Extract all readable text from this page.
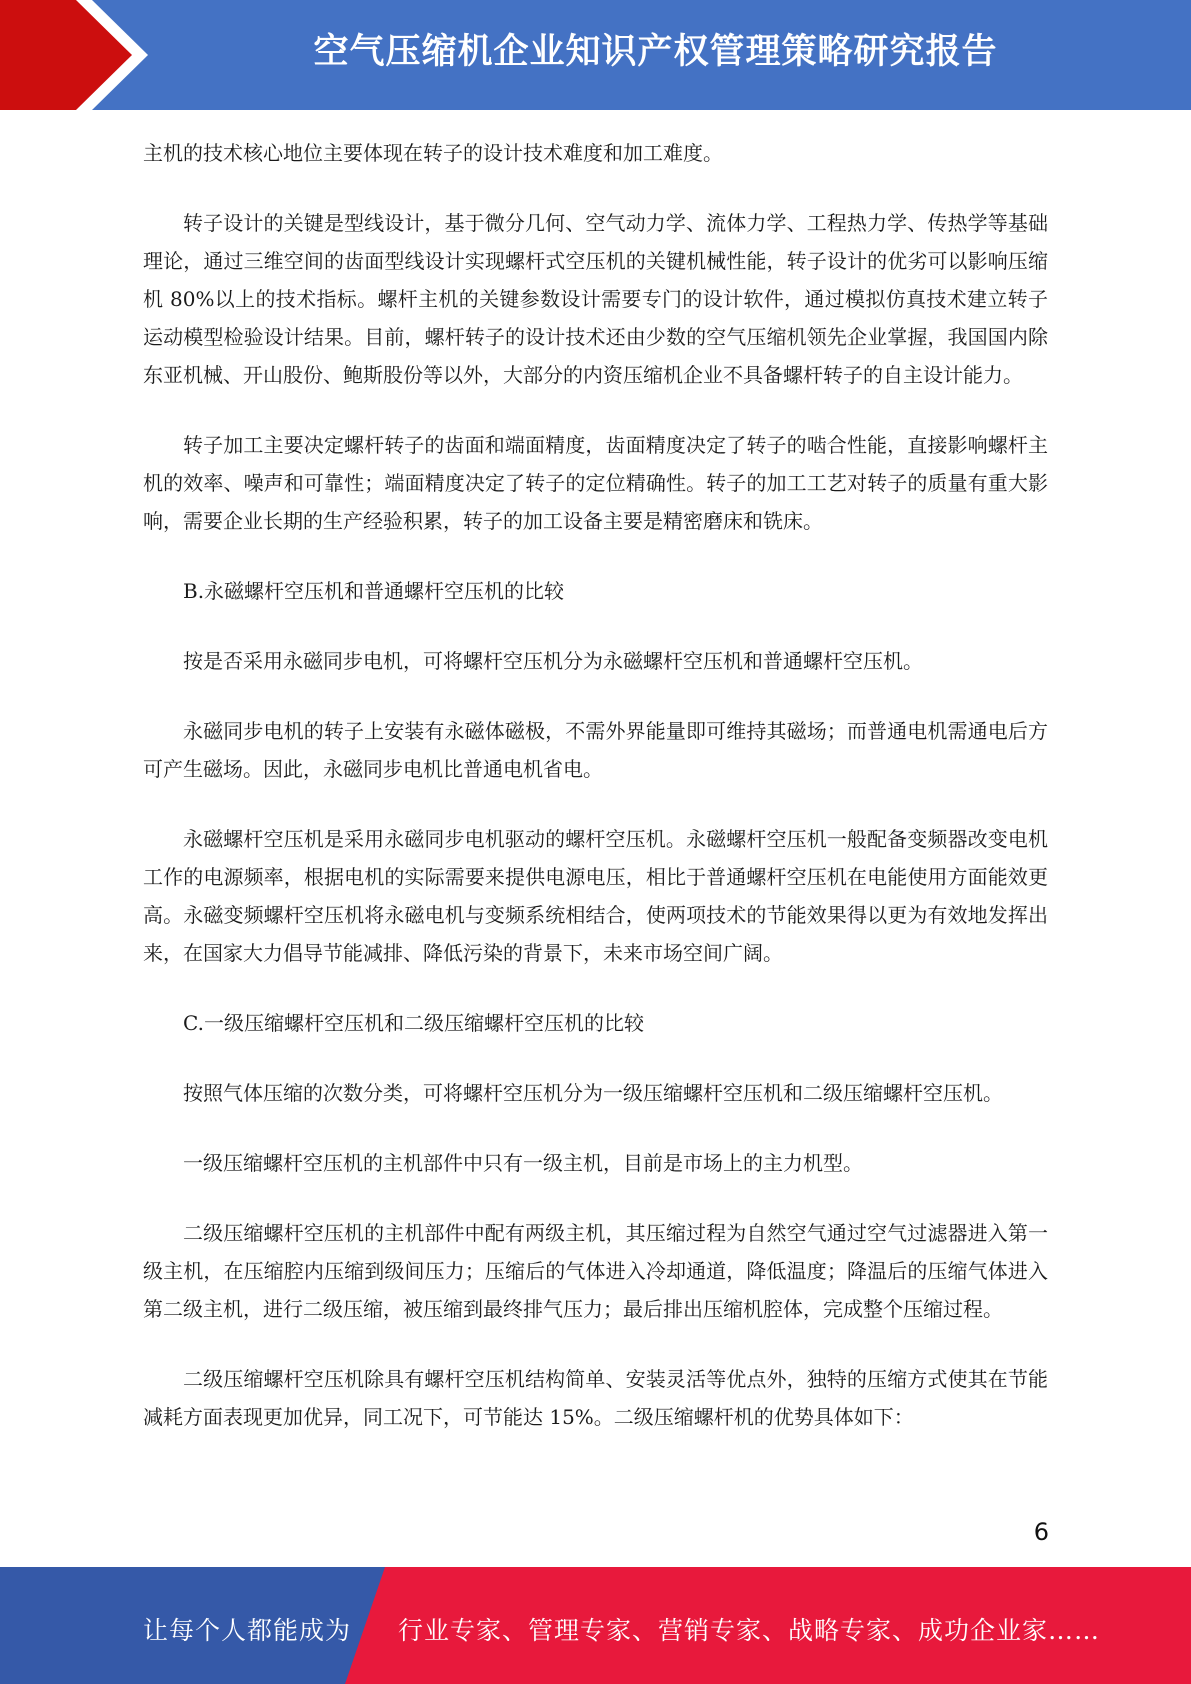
空气压缩机企业知识产权管理策略研究报告

主机的技术核心地位主要体现在转子的设计技术难度和加工难度。

转子设计的关键是型线设计，基于微分几何、空气动力学、流体力学、工程热力学、传热学等基础理论，通过三维空间的齿面型线设计实现螺杆式空压机的关键机械性能，转子设计的优劣可以影响压缩机 80%以上的技术指标。螺杆主机的关键参数设计需要专门的设计软件，通过模拟仿真技术建立转子运动模型检验设计结果。目前，螺杆转子的设计技术还由少数的空气压缩机领先企业掌握，我国国内除东亚机械、开山股份、鲍斯股份等以外，大部分的内资压缩机企业不具备螺杆转子的自主设计能力。

转子加工主要决定螺杆转子的齿面和端面精度，齿面精度决定了转子的啮合性能，直接影响螺杆主机的效率、噪声和可靠性；端面精度决定了转子的定位精确性。转子的加工工艺对转子的质量有重大影响，需要企业长期的生产经验积累，转子的加工设备主要是精密磨床和铣床。

B.永磁螺杆空压机和普通螺杆空压机的比较

按是否采用永磁同步电机，可将螺杆空压机分为永磁螺杆空压机和普通螺杆空压机。

永磁同步电机的转子上安装有永磁体磁极，不需外界能量即可维持其磁场；而普通电机需通电后方可产生磁场。因此，永磁同步电机比普通电机省电。

永磁螺杆空压机是采用永磁同步电机驱动的螺杆空压机。永磁螺杆空压机一般配备变频器改变电机工作的电源频率，根据电机的实际需要来提供电源电压，相比于普通螺杆空压机在电能使用方面能效更高。永磁变频螺杆空压机将永磁电机与变频系统相结合，使两项技术的节能效果得以更为有效地发挥出来，在国家大力倡导节能减排、降低污染的背景下，未来市场空间广阔。

C.一级压缩螺杆空压机和二级压缩螺杆空压机的比较

按照气体压缩的次数分类，可将螺杆空压机分为一级压缩螺杆空压机和二级压缩螺杆空压机。

一级压缩螺杆空压机的主机部件中只有一级主机，目前是市场上的主力机型。

二级压缩螺杆空压机的主机部件中配有两级主机，其压缩过程为自然空气通过空气过滤器进入第一级主机，在压缩腔内压缩到级间压力；压缩后的气体进入冷却通道，降低温度；降温后的压缩气体进入第二级主机，进行二级压缩，被压缩到最终排气压力；最后排出压缩机腔体，完成整个压缩过程。

二级压缩螺杆空压机除具有螺杆空压机结构简单、安装灵活等优点外，独特的压缩方式使其在节能减耗方面表现更加优异，同工况下，可节能达 15%。二级压缩螺杆机的优势具体如下：

6
让每个人都能成为 行业专家、管理专家、营销专家、战略专家、成功企业家……
